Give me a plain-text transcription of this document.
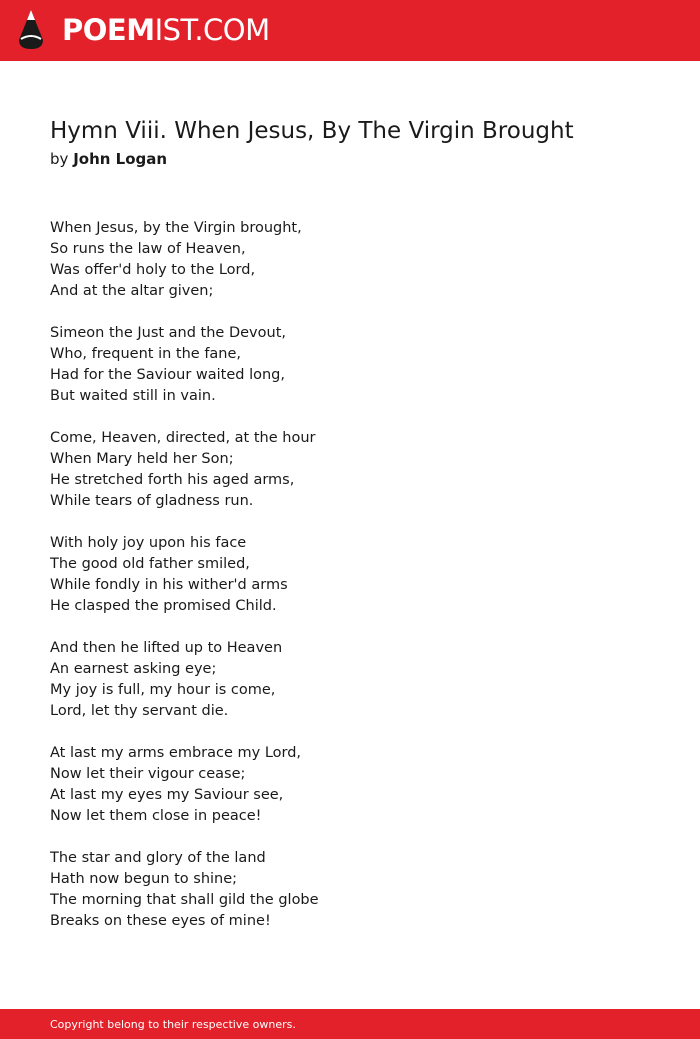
POEMIST.COM
Hymn Viii. When Jesus, By The Virgin Brought
by John Logan
When Jesus, by the Virgin brought,
So runs the law of Heaven,
Was offer'd holy to the Lord,
And at the altar given;
Simeon the Just and the Devout,
Who, frequent in the fane,
Had for the Saviour waited long,
But waited still in vain.
Come, Heaven, directed, at the hour
When Mary held her Son;
He stretched forth his aged arms,
While tears of gladness run.
With holy joy upon his face
The good old father smiled,
While fondly in his wither'd arms
He clasped the promised Child.
And then he lifted up to Heaven
An earnest asking eye;
My joy is full, my hour is come,
Lord, let thy servant die.
At last my arms embrace my Lord,
Now let their vigour cease;
At last my eyes my Saviour see,
Now let them close in peace!
The star and glory of the land
Hath now begun to shine;
The morning that shall gild the globe
Breaks on these eyes of mine!
Copyright belong to their respective owners.
